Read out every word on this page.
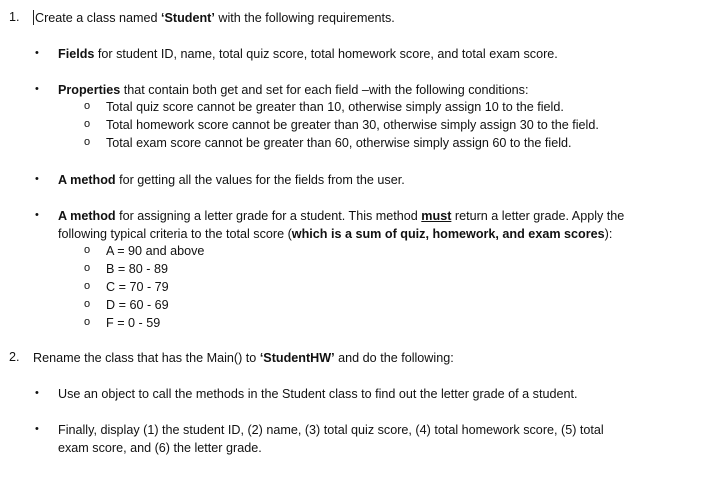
1. Create a class named ‘Student’ with the following requirements.
• Fields for student ID, name, total quiz score, total homework score, and total exam score.
• Properties that contain both get and set for each field –with the following conditions:
o Total quiz score cannot be greater than 10, otherwise simply assign 10 to the field.
o Total homework score cannot be greater than 30, otherwise simply assign 30 to the field.
o Total exam score cannot be greater than 60, otherwise simply assign 60 to the field.
• A method for getting all the values for the fields from the user.
• A method for assigning a letter grade for a student. This method must return a letter grade. Apply the
following typical criteria to the total score (which is a sum of quiz, homework, and exam scores):
o A = 90 and above
o B = 80 - 89
o C = 70 - 79
o D = 60 - 69
o F = 0 - 59
2. Rename the class that has the Main() to ‘StudentHW’ and do the following:
• Use an object to call the methods in the Student class to find out the letter grade of a student.
• Finally, display (1) the student ID, (2) name, (3) total quiz score, (4) total homework score, (5) total
exam score, and (6) the letter grade.
